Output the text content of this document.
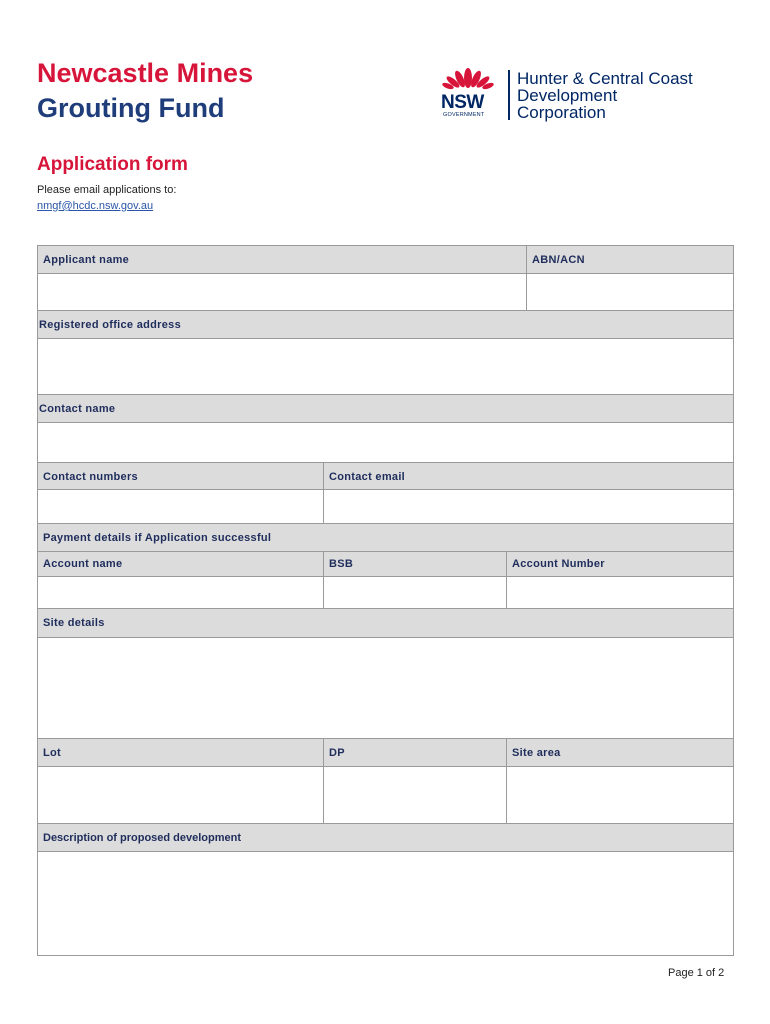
Newcastle Mines
Grouting Fund	NSW
GOVERNMENT
Hunter & Central Coast
Development
Corporation
Application form
Please email applications to:
nmgf@hcdc.nsw.gov.au
Applicant name	ABN/ACN
Registered office address
Contact name
Contact numbers	Contact email
Payment details if Application successful
Account name	BSB	Account Number
Site details
Lot	DP	Site area
Description of proposed development
Page 1 of 2
